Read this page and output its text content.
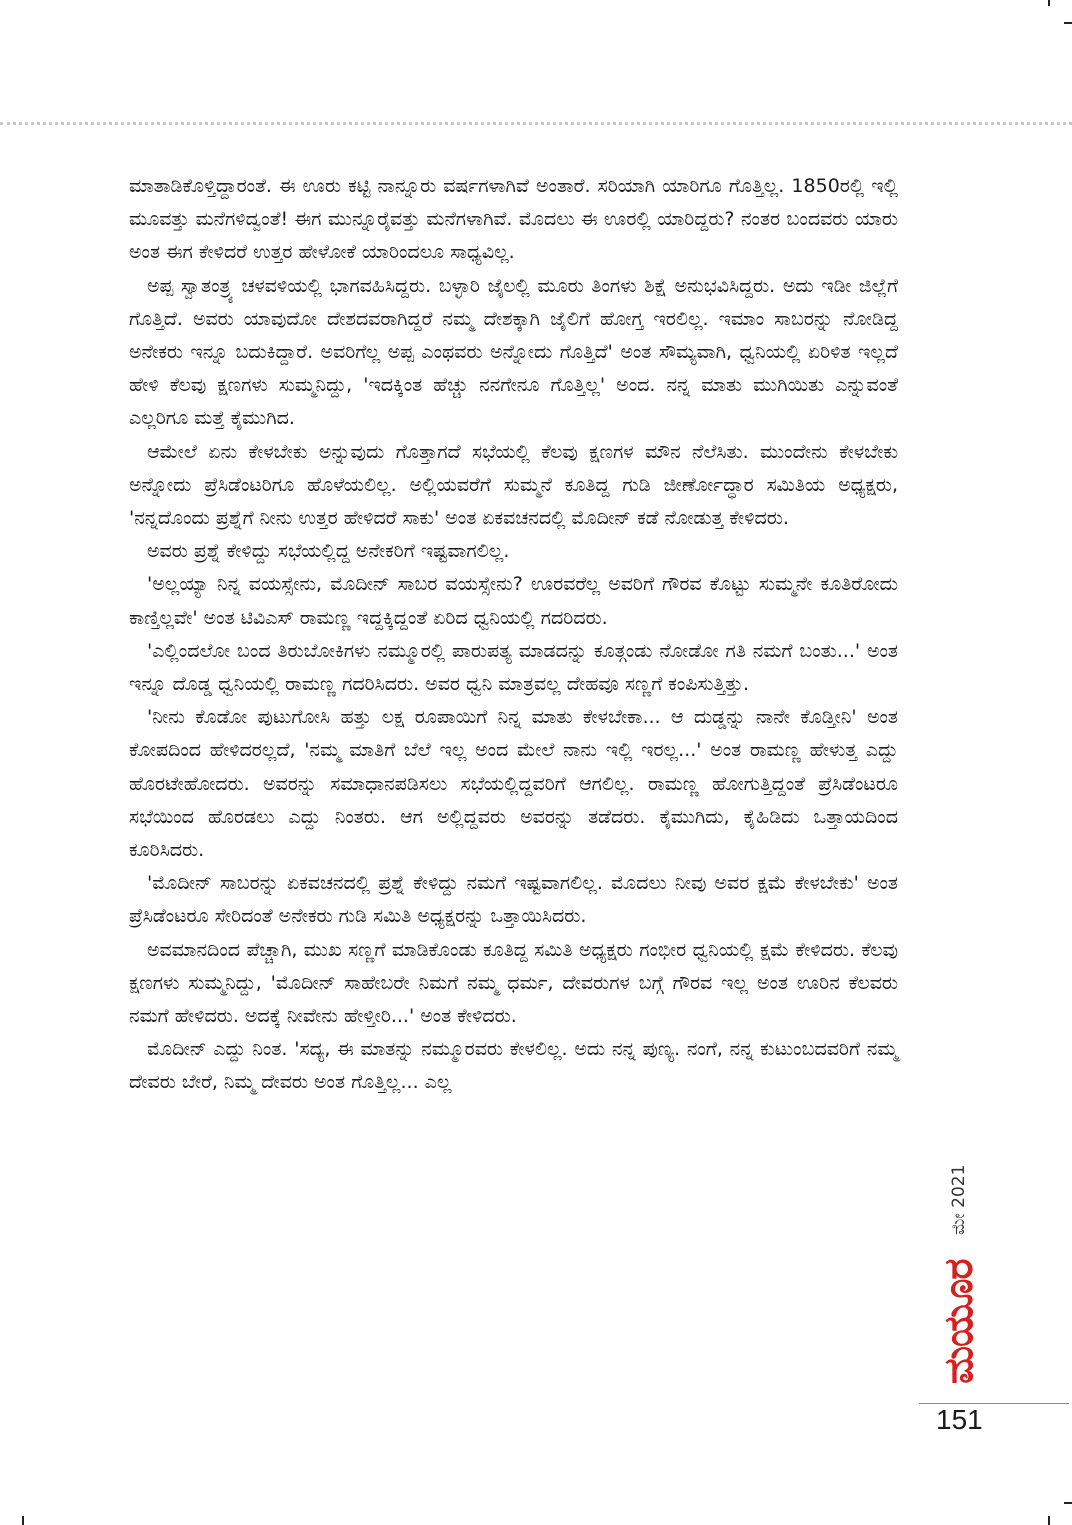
ಮಾತಾಡಿಕೊಳ್ತಿದ್ದಾರಂತೆ. ಈ ಊರು ಕಟ್ಟಿ ನಾನ್ನೂರು ವರ್ಷಗಳಾಗಿವೆ ಅಂತಾರೆ. ಸರಿಯಾಗಿ ಯಾರಿಗೂ ಗೊತ್ತಿಲ್ಲ. 1850ರಲ್ಲಿ ಇಲ್ಲಿ ಮೂವತ್ತು ಮನೆಗಳಿದ್ವಂತೆ! ಈಗ ಮುನ್ನೂರೈವತ್ತು ಮನೆಗಳಾಗಿವೆ. ಮೊದಲು ಈ ಊರಲ್ಲಿ ಯಾರಿದ್ದರು? ನಂತರ ಬಂದವರು ಯಾರು ಅಂತ ಈಗ ಕೇಳಿದರೆ ಉತ್ತರ ಹೇಳೋಕೆ ಯಾರಿಂದಲೂ ಸಾಧ್ಯವಿಲ್ಲ.

ಅಪ್ಪ ಸ್ವಾತಂತ್ರ್ಯ ಚಳವಳಿಯಲ್ಲಿ ಭಾಗವಹಿಸಿದ್ದರು. ಬಳ್ಳಾರಿ ಜೈಲಲ್ಲಿ ಮೂರು ತಿಂಗಳು ಶಿಕ್ಷೆ ಅನುಭವಿಸಿದ್ದರು. ಅದು ಇಡೀ ಜಿಲ್ಲೆಗೆ ಗೊತ್ತಿದೆ. ಅವರು ಯಾವುದೋ ದೇಶದವರಾಗಿದ್ದರೆ ನಮ್ಮ ದೇಶಕ್ಕಾಗಿ ಜೈಲಿಗೆ ಹೋಗ್ತ ಇರಲಿಲ್ಲ. ಇಮಾಂ ಸಾಬರನ್ನು ನೋಡಿದ್ದ ಅನೇಕರು ಇನ್ನೂ ಬದುಕಿದ್ದಾರೆ. ಅವರಿಗೆಲ್ಲ ಅಪ್ಪ ಎಂಥವರು ಅನ್ನೋದು ಗೊತ್ತಿದೆ' ಅಂತ ಸೌಮ್ಯವಾಗಿ, ಧ್ವನಿಯಲ್ಲಿ ಏರಿಳಿತ ಇಲ್ಲದೆ ಹೇಳಿ ಕೆಲವು ಕ್ಷಣಗಳು ಸುಮ್ಮನಿದ್ದು, 'ಇದಕ್ಕಿಂತ ಹೆಚ್ಚು ನನಗೇನೂ ಗೊತ್ತಿಲ್ಲ' ಅಂದ. ನನ್ನ ಮಾತು ಮುಗಿಯಿತು ಎನ್ನುವಂತೆ ಎಲ್ಲರಿಗೂ ಮತ್ತೆ ಕೈಮುಗಿದ.

ಆಮೇಲೆ ಏನು ಕೇಳಬೇಕು ಅನ್ನುವುದು ಗೊತ್ತಾಗದೆ ಸಭೆಯಲ್ಲಿ ಕೆಲವು ಕ್ಷಣಗಳ ಮೌನ ನೆಲೆಸಿತು. ಮುಂದೇನು ಕೇಳಬೇಕು ಅನ್ನೋದು ಪ್ರೆಸಿಡೆಂಟರಿಗೂ ಹೊಳೆಯಲಿಲ್ಲ. ಅಲ್ಲಿಯವರೆಗೆ ಸುಮ್ಮನೆ ಕೂತಿದ್ದ ಗುಡಿ ಜೀರ್ಣೋದ್ಧಾರ ಸಮಿತಿಯ ಅಧ್ಯಕ್ಷರು, 'ನನ್ನದೊಂದು ಪ್ರಶ್ನೆಗೆ ನೀನು ಉತ್ತರ ಹೇಳಿದರೆ ಸಾಕು' ಅಂತ ಏಕವಚನದಲ್ಲಿ ಮೊದೀನ್ ಕಡೆ ನೋಡುತ್ತ ಕೇಳಿದರು.

ಅವರು ಪ್ರಶ್ನೆ ಕೇಳಿದ್ದು ಸಭೆಯಲ್ಲಿದ್ದ ಅನೇಕರಿಗೆ ಇಷ್ಟವಾಗಲಿಲ್ಲ.

'ಅಲ್ಲಯ್ಯಾ ನಿನ್ನ ವಯಸ್ಸೇನು, ಮೊದೀನ್ ಸಾಬರ ವಯಸ್ಸೇನು? ಊರವರೆಲ್ಲ ಅವರಿಗೆ ಗೌರವ ಕೊಟ್ಟು ಸುಮ್ಮನೇ ಕೂತಿರೋದು ಕಾಣ್ತಿಲ್ಲವೇ' ಅಂತ ಟಿವಿಎಸ್ ರಾಮಣ್ಣ ಇದ್ದಕ್ಕಿದ್ದಂತೆ ಏರಿದ ಧ್ವನಿಯಲ್ಲಿ ಗದರಿದರು.

'ಎಲ್ಲಿಂದಲೋ ಬಂದ ತಿರುಬೋಕಿಗಳು ನಮ್ಮೂರಲ್ಲಿ ಪಾರುಪತ್ಯ ಮಾಡದನ್ನು ಕೂತ್ಗಂಡು ನೋಡೋ ಗತಿ ನಮಗೆ ಬಂತು...' ಅಂತ ಇನ್ನೂ ದೊಡ್ಡ ಧ್ವನಿಯಲ್ಲಿ ರಾಮಣ್ಣ ಗದರಿಸಿದರು. ಅವರ ಧ್ವನಿ ಮಾತ್ರವಲ್ಲ ದೇಹವೂ ಸಣ್ಣಗೆ ಕಂಪಿಸುತ್ತಿತ್ತು.

'ನೀನು ಕೊಡೋ ಪುಟುಗೋಸಿ ಹತ್ತು ಲಕ್ಷ ರೂಪಾಯಿಗೆ ನಿನ್ನ ಮಾತು ಕೇಳಬೇಕಾ... ಆ ದುಡ್ಡನ್ನು ನಾನೇ ಕೊಡ್ತೀನಿ' ಅಂತ ಕೋಪದಿಂದ ಹೇಳಿದರಲ್ಲದೆ, 'ನಮ್ಮ ಮಾತಿಗೆ ಬೆಲೆ ಇಲ್ಲ ಅಂದ ಮೇಲೆ ನಾನು ಇಲ್ಲಿ ಇರಲ್ಲ...' ಅಂತ ರಾಮಣ್ಣ ಹೇಳುತ್ತ ಎದ್ದು ಹೊರಟೇಹೋದರು. ಅವರನ್ನು ಸಮಾಧಾನಪಡಿಸಲು ಸಭೆಯಲ್ಲಿದ್ದವರಿಗೆ ಆಗಲಿಲ್ಲ. ರಾಮಣ್ಣ ಹೋಗುತ್ತಿದ್ದಂತೆ ಪ್ರೆಸಿಡೆಂಟರೂ ಸಭೆಯಿಂದ ಹೊರಡಲು ಎದ್ದು ನಿಂತರು. ಆಗ ಅಲ್ಲಿದ್ದವರು ಅವರನ್ನು ತಡೆದರು. ಕೈಮುಗಿದು, ಕೈಹಿಡಿದು ಒತ್ತಾಯದಿಂದ ಕೂರಿಸಿದರು.

'ಮೊದೀನ್ ಸಾಬರನ್ನು ಏಕವಚನದಲ್ಲಿ ಪ್ರಶ್ನೆ ಕೇಳಿದ್ದು ನಮಗೆ ಇಷ್ಟವಾಗಲಿಲ್ಲ. ಮೊದಲು ನೀವು ಅವರ ಕ್ಷಮೆ ಕೇಳಬೇಕು' ಅಂತ ಪ್ರೆಸಿಡೆಂಟರೂ ಸೇರಿದಂತೆ ಅನೇಕರು ಗುಡಿ ಸಮಿತಿ ಅಧ್ಯಕ್ಷರನ್ನು ಒತ್ತಾಯಿಸಿದರು.

ಅವಮಾನದಿಂದ ಪೆಚ್ಚಾಗಿ, ಮುಖ ಸಣ್ಣಗೆ ಮಾಡಿಕೊಂಡು ಕೂತಿದ್ದ ಸಮಿತಿ ಅಧ್ಯಕ್ಷರು ಗಂಭೀರ ಧ್ವನಿಯಲ್ಲಿ ಕ್ಷಮೆ ಕೇಳಿದರು. ಕೆಲವು ಕ್ಷಣಗಳು ಸುಮ್ಮನಿದ್ದು, 'ಮೊದೀನ್ ಸಾಹೇಬರೇ ನಿಮಗೆ ನಮ್ಮ ಧರ್ಮ, ದೇವರುಗಳ ಬಗ್ಗೆ ಗೌರವ ಇಲ್ಲ ಅಂತ ಊರಿನ ಕೆಲವರು ನಮಗೆ ಹೇಳಿದರು. ಅದಕ್ಕೆ ನೀವೇನು ಹೇಳ್ತೀರಿ...' ಅಂತ ಕೇಳಿದರು.

ಮೊದೀನ್ ಎದ್ದು ನಿಂತ. 'ಸದ್ಯ, ಈ ಮಾತನ್ನು ನಮ್ಮೂರವರು ಕೇಳಲಿಲ್ಲ. ಅದು ನನ್ನ ಪುಣ್ಯ. ನಂಗೆ, ನನ್ನ ಕುಟುಂಬದವರಿಗೆ ನಮ್ಮ ದೇವರು ಬೇರೆ, ನಿಮ್ಮ ದೇವರು ಅಂತ ಗೊತ್ತಿಲ್ಲ... ಎಲ್ಲ

ಮೇ 2021
ಮಯೂರ
151
